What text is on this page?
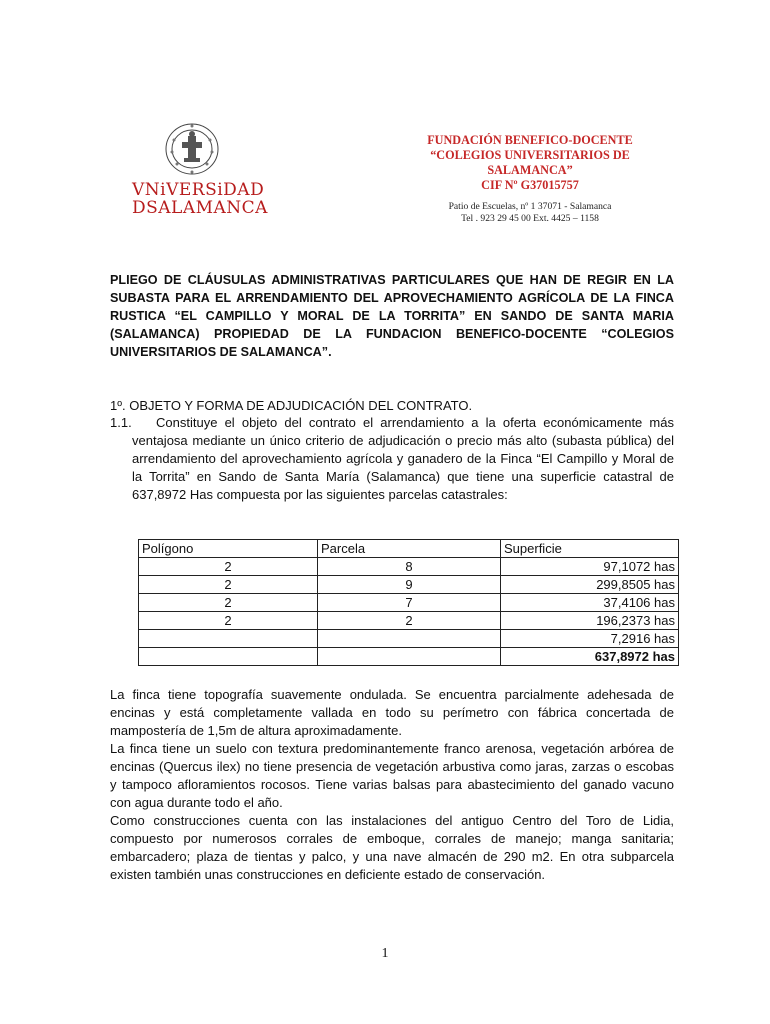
VNiVERSiDAD
DSALAMANCA
FUNDACIÓN BENEFICO-DOCENTE
“COLEGIOS UNIVERSITARIOS DE
SALAMANCA”
CIF Nº G37015757
Patio de Escuelas, nº 1 37071 - Salamanca
Tel . 923 29 45 00 Ext. 4425 – 1158
PLIEGO DE CLÁUSULAS ADMINISTRATIVAS PARTICULARES QUE HAN DE REGIR EN LA SUBASTA PARA EL ARRENDAMIENTO DEL APROVECHAMIENTO AGRÍCOLA DE LA FINCA RUSTICA “EL CAMPILLO Y MORAL DE LA TORRITA” EN SANDO DE SANTA MARIA (SALAMANCA) PROPIEDAD DE LA FUNDACION BENEFICO-DOCENTE “COLEGIOS UNIVERSITARIOS DE SALAMANCA”.
1º. OBJETO Y FORMA DE ADJUDICACIÓN DEL CONTRATO.
1.1.	Constituye el objeto del contrato el arrendamiento a la oferta económicamente más ventajosa mediante un único criterio de adjudicación o precio más alto (subasta pública) del arrendamiento del aprovechamiento agrícola y ganadero de la Finca “El Campillo y Moral de la Torrita” en Sando de Santa María (Salamanca) que tiene una superficie catastral de 637,8972 Has compuesta por las siguientes parcelas catastrales:
Polígono	Parcela	Superficie
2	8	97,1072 has
2	9	299,8505 has
2	7	37,4106 has
2	2	196,2373 has
		7,2916 has
		637,8972 has

La finca tiene topografía suavemente ondulada. Se encuentra parcialmente adehesada de encinas y está completamente vallada en todo su perímetro con fábrica concertada de mampostería de 1,5m de altura aproximadamente.

La finca tiene un suelo con textura predominantemente franco arenosa, vegetación arbórea de encinas (Quercus ilex) no tiene presencia de vegetación arbustiva como jaras, zarzas o escobas y tampoco afloramientos rocosos. Tiene varias balsas para abastecimiento del ganado vacuno con agua durante todo el año.

Como construcciones cuenta con las instalaciones del antiguo Centro del Toro de Lidia, compuesto por numerosos corrales de emboque, corrales de manejo; manga sanitaria; embarcadero; plaza de tientas y palco, y una nave almacén de 290 m2. En otra subparcela existen también unas construcciones en deficiente estado de conservación.

1
